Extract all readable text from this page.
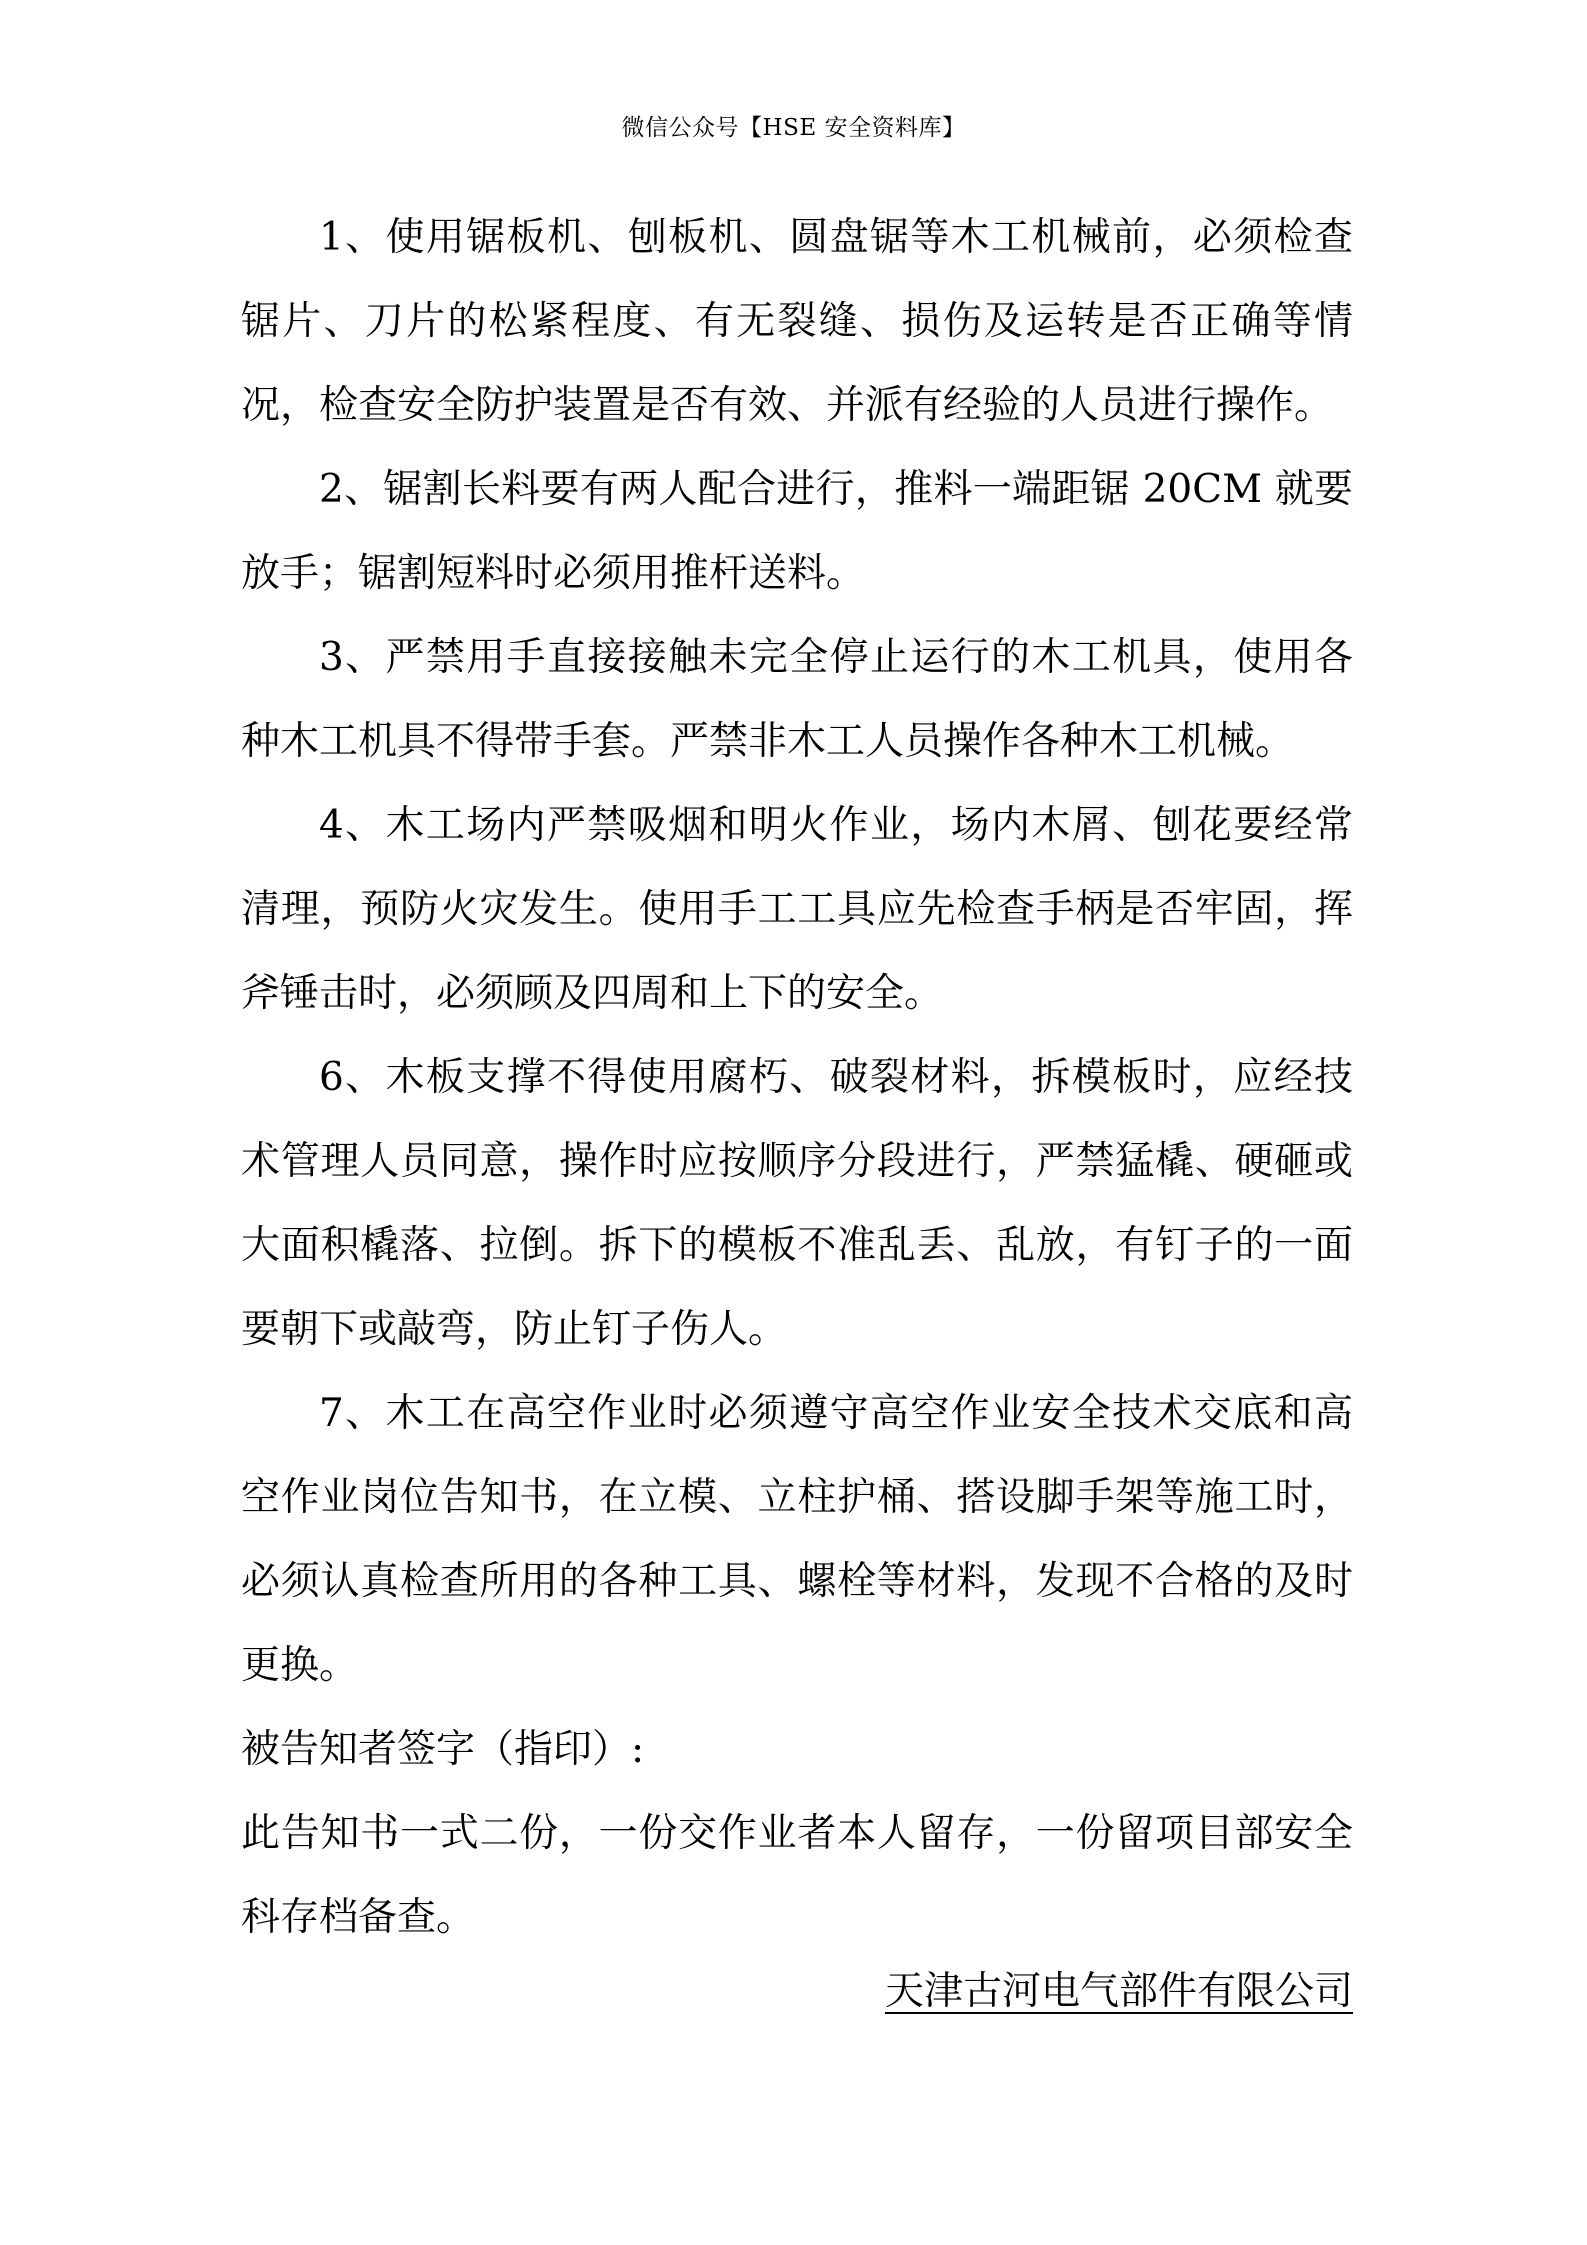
微信公众号【HSE 安全资料库】

1、使用锯板机、刨板机、圆盘锯等木工机械前，必须检查锯片、刀片的松紧程度、有无裂缝、损伤及运转是否正确等情况，检查安全防护装置是否有效、并派有经验的人员进行操作。

2、锯割长料要有两人配合进行，推料一端距锯 20CM 就要放手；锯割短料时必须用推杆送料。

3、严禁用手直接接触未完全停止运行的木工机具，使用各种木工机具不得带手套。严禁非木工人员操作各种木工机械。

4、木工场内严禁吸烟和明火作业，场内木屑、刨花要经常清理，预防火灾发生。使用手工工具应先检查手柄是否牢固，挥斧锤击时，必须顾及四周和上下的安全。

6、木板支撑不得使用腐朽、破裂材料，拆模板时，应经技术管理人员同意，操作时应按顺序分段进行，严禁猛橇、硬砸或大面积橇落、拉倒。拆下的模板不准乱丢、乱放，有钉子的一面要朝下或敲弯，防止钉子伤人。

7、木工在高空作业时必须遵守高空作业安全技术交底和高空作业岗位告知书，在立模、立柱护桶、搭设脚手架等施工时，必须认真检查所用的各种工具、螺栓等材料，发现不合格的及时更换。

被告知者签字（指印）:

此告知书一式二份，一份交作业者本人留存，一份留项目部安全科存档备查。

天津古河电气部件有限公司
